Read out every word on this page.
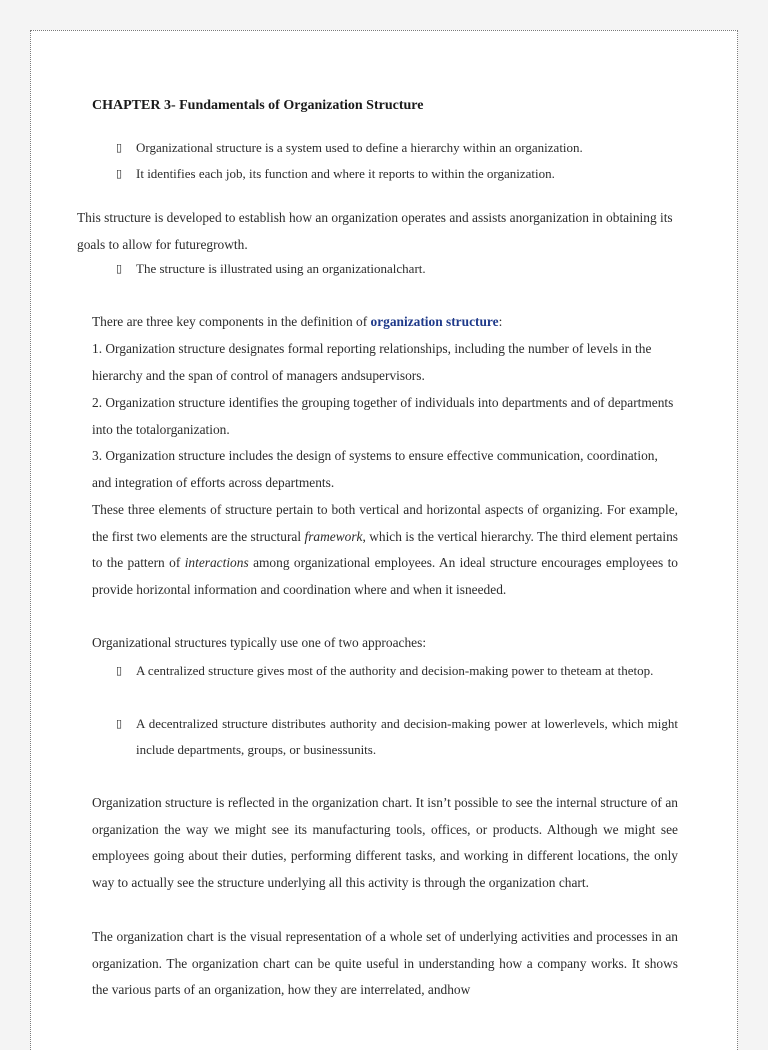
CHAPTER 3- Fundamentals of Organization Structure
▯	Organizational structure is a system used to define a hierarchy within an organization.
▯	It identifies each job, its function and where it reports to within the organization.
This structure is developed to establish how an organization operates and assists anorganization in obtaining its goals to allow for futuregrowth.
▯	The structure is illustrated using an organizationalchart.
There are three key components in the definition of organization structure:
1. Organization structure designates formal reporting relationships, including the number of levels in the hierarchy and the span of control of managers andsupervisors.
2. Organization structure identifies the grouping together of individuals into departments and of departments into the totalorganization.
3. Organization structure includes the design of systems to ensure effective communication, coordination, and integration of efforts across departments.
These three elements of structure pertain to both vertical and horizontal aspects of organizing. For example, the first two elements are the structural framework, which is the vertical hierarchy. The third element pertains to the pattern of interactions among organizational employees. An ideal structure encourages employees to provide horizontal information and coordination where and when it isneeded.
Organizational structures typically use one of two approaches:
▯	A centralized structure gives most of the authority and decision-making power to theteam at thetop.
▯	A decentralized structure distributes authority and decision-making power at lowerlevels, which might include departments, groups, or businessunits.
Organization structure is reflected in the organization chart. It isn’t possible to see the internal structure of an organization the way we might see its manufacturing tools, offices, or products. Although we might see employees going about their duties, performing different tasks, and working in different locations, the only way to actually see the structure underlying all this activity is through the organization chart.
The organization chart is the visual representation of a whole set of underlying activities and processes in an organization. The organization chart can be quite useful in understanding how a company works. It shows the various parts of an organization, how they are interrelated, andhow
